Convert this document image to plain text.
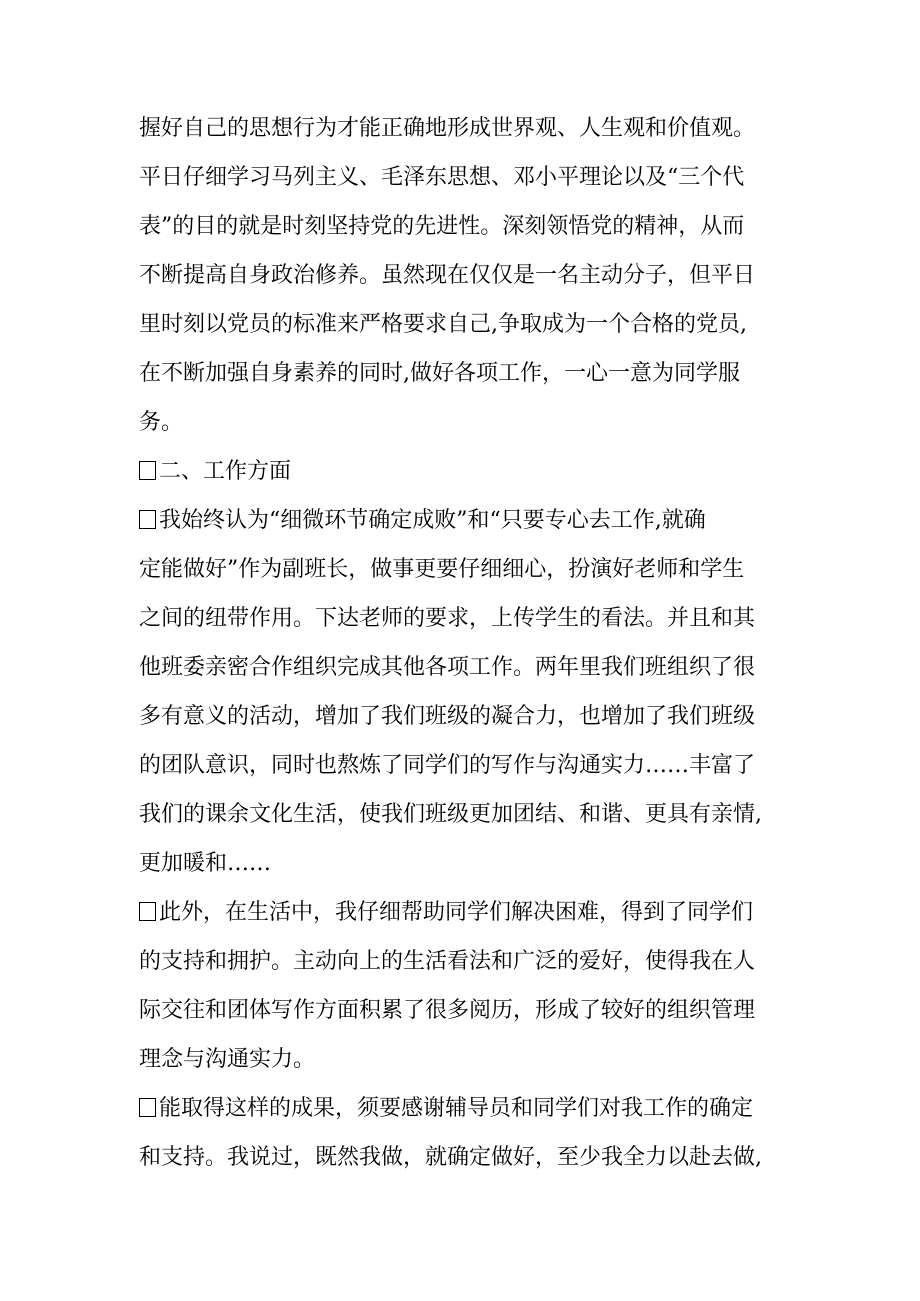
握好自己的思想行为才能正确地形成世界观、人生观和价值观。
平日仔细学习马列主义、毛泽东思想、邓小平理论以及“三个代
表”的目的就是时刻坚持党的先进性。深刻领悟党的精神，从而
不断提高自身政治修养。虽然现在仅仅是一名主动分子，但平日
里时刻以党员的标准来严格要求自己,争取成为一个合格的党员,
在不断加强自身素养的同时,做好各项工作，一心一意为同学服
务。
二、工作方面
我始终认为“细微环节确定成败”和“只要专心去工作,就确
定能做好”作为副班长，做事更要仔细细心，扮演好老师和学生
之间的纽带作用。下达老师的要求，上传学生的看法。并且和其
他班委亲密合作组织完成其他各项工作。两年里我们班组织了很
多有意义的活动，增加了我们班级的凝合力，也增加了我们班级
的团队意识，同时也熬炼了同学们的写作与沟通实力……丰富了
我们的课余文化生活，使我们班级更加团结、和谐、更具有亲情,
更加暖和……
此外，在生活中，我仔细帮助同学们解决困难，得到了同学们
的支持和拥护。主动向上的生活看法和广泛的爱好，使得我在人
际交往和团体写作方面积累了很多阅历，形成了较好的组织管理
理念与沟通实力。
能取得这样的成果，须要感谢辅导员和同学们对我工作的确定
和支持。我说过，既然我做，就确定做好，至少我全力以赴去做,
